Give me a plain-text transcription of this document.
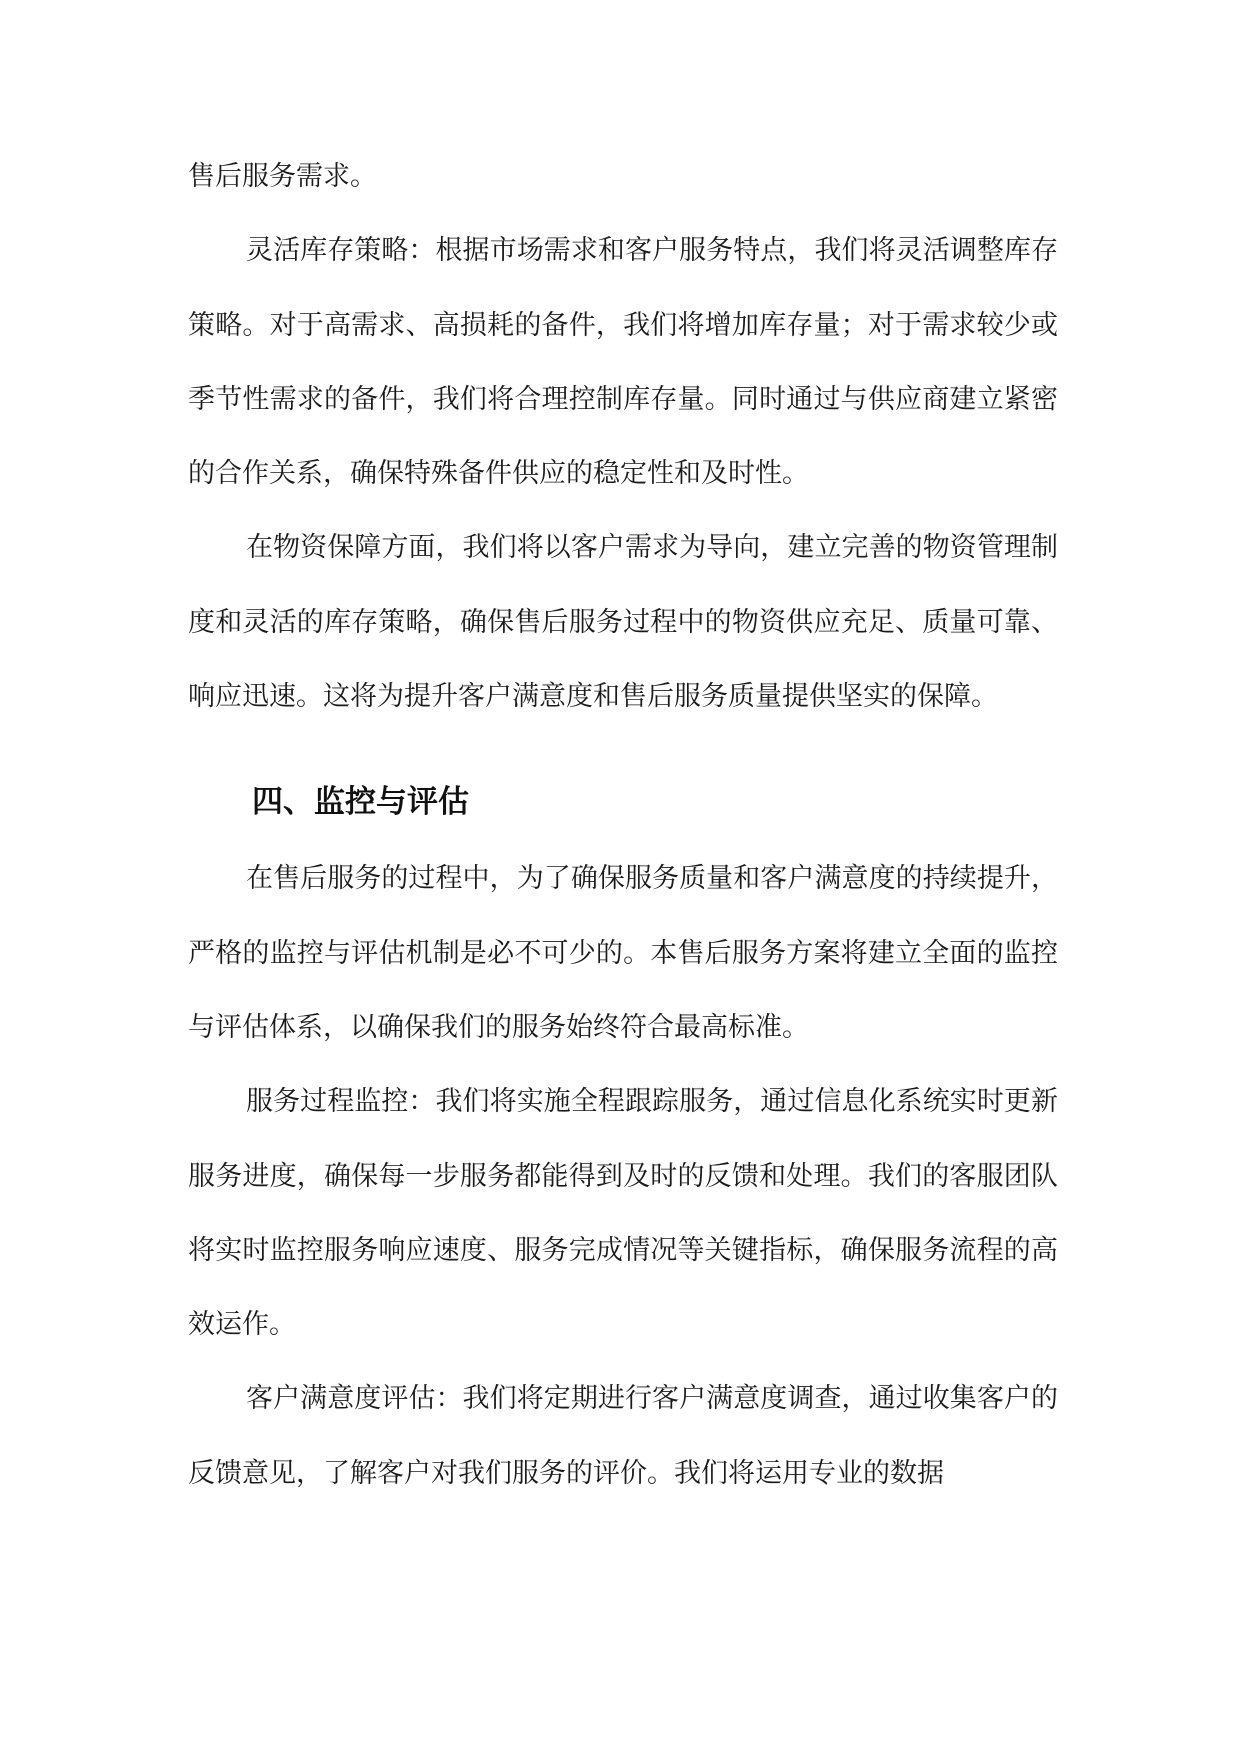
售后服务需求。

灵活库存策略：根据市场需求和客户服务特点，我们将灵活调整库存策略。对于高需求、高损耗的备件，我们将增加库存量；对于需求较少或季节性需求的备件，我们将合理控制库存量。同时通过与供应商建立紧密的合作关系，确保特殊备件供应的稳定性和及时性。

在物资保障方面，我们将以客户需求为导向，建立完善的物资管理制度和灵活的库存策略，确保售后服务过程中的物资供应充足、质量可靠、响应迅速。这将为提升客户满意度和售后服务质量提供坚实的保障。

四、监控与评估

在售后服务的过程中，为了确保服务质量和客户满意度的持续提升，严格的监控与评估机制是必不可少的。本售后服务方案将建立全面的监控与评估体系，以确保我们的服务始终符合最高标准。

服务过程监控：我们将实施全程跟踪服务，通过信息化系统实时更新服务进度，确保每一步服务都能得到及时的反馈和处理。我们的客服团队将实时监控服务响应速度、服务完成情况等关键指标，确保服务流程的高效运作。

客户满意度评估：我们将定期进行客户满意度调查，通过收集客户的反馈意见，了解客户对我们服务的评价。我们将运用专业的数据
